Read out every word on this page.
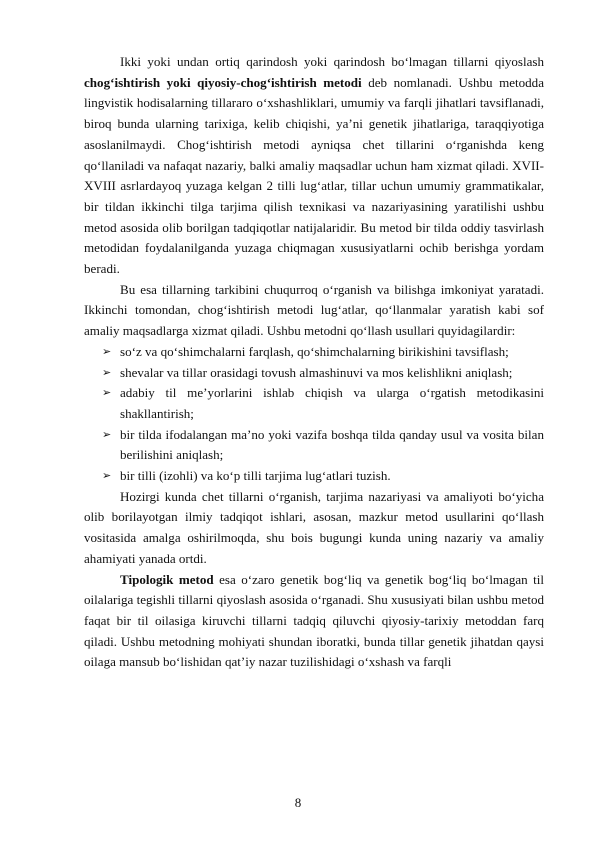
Ikki yoki undan ortiq qarindosh yoki qarindosh bo‘lmagan tillarni qiyoslash chog‘ishtirish yoki qiyosiy-chog‘ishtirish metodi deb nomlanadi. Ushbu metodda lingvistik hodisalarning tillararo o‘xshashliklari, umumiy va farqli jihatlari tavsiflanadi, biroq bunda ularning tarixiga, kelib chiqishi, ya’ni genetik jihatlariga, taraqqiyotiga asoslanilmaydi. Chog‘ishtirish metodi ayniqsa chet tillarini o‘rganishda keng qo‘llaniladi va nafaqat nazariy, balki amaliy maqsadlar uchun ham xizmat qiladi. XVII-XVIII asrlardayoq yuzaga kelgan 2 tilli lug‘atlar, tillar uchun umumiy grammatikalar, bir tildan ikkinchi tilga tarjima qilish texnikasi va nazariyasining yaratilishi ushbu metod asosida olib borilgan tadqiqotlar natijalaridir. Bu metod bir tilda oddiy tasvirlash metodidan foydalanilganda yuzaga chiqmagan xususiyatlarni ochib berishga yordam beradi.

Bu esa tillarning tarkibini chuqurroq o‘rganish va bilishga imkoniyat yaratadi. Ikkinchi tomondan, chog‘ishtirish metodi lug‘atlar, qo‘llanmalar yaratish kabi sof amaliy maqsadlarga xizmat qiladi. Ushbu metodni qo‘llash usullari quyidagilardir:

➢ so‘z va qo‘shimchalarni farqlash, qo‘shimchalarning birikishini tavsiflash;
➢ shevalar va tillar orasidagi tovush almashinuvi va mos kelishlikni aniqlash;
➢ adabiy til me’yorlarini ishlab chiqish va ularga o‘rgatish metodikasini shakllantirish;
➢ bir tilda ifodalangan ma’no yoki vazifa boshqa tilda qanday usul va vosita bilan berilishini aniqlash;
➢ bir tilli (izohli) va ko‘p tilli tarjima lug‘atlari tuzish.

Hozirgi kunda chet tillarni o‘rganish, tarjima nazariyasi va amaliyoti bo‘yicha olib borilayotgan ilmiy tadqiqot ishlari, asosan, mazkur metod usullarini qo‘llash vositasida amalga oshirilmoqda, shu bois bugungi kunda uning nazariy va amaliy ahamiyati yanada ortdi.

Tipologik metod esa o‘zaro genetik bog‘liq va genetik bog‘liq bo‘lmagan til oilalariga tegishli tillarni qiyoslash asosida o‘rganadi. Shu xususiyati bilan ushbu metod faqat bir til oilasiga kiruvchi tillarni tadqiq qiluvchi qiyosiy-tarixiy metoddan farq qiladi. Ushbu metodning mohiyati shundan iboratki, bunda tillar genetik jihatdan qaysi oilaga mansub bo‘lishidan qat’iy nazar tuzilishidagi o‘xshash va farqli

8
